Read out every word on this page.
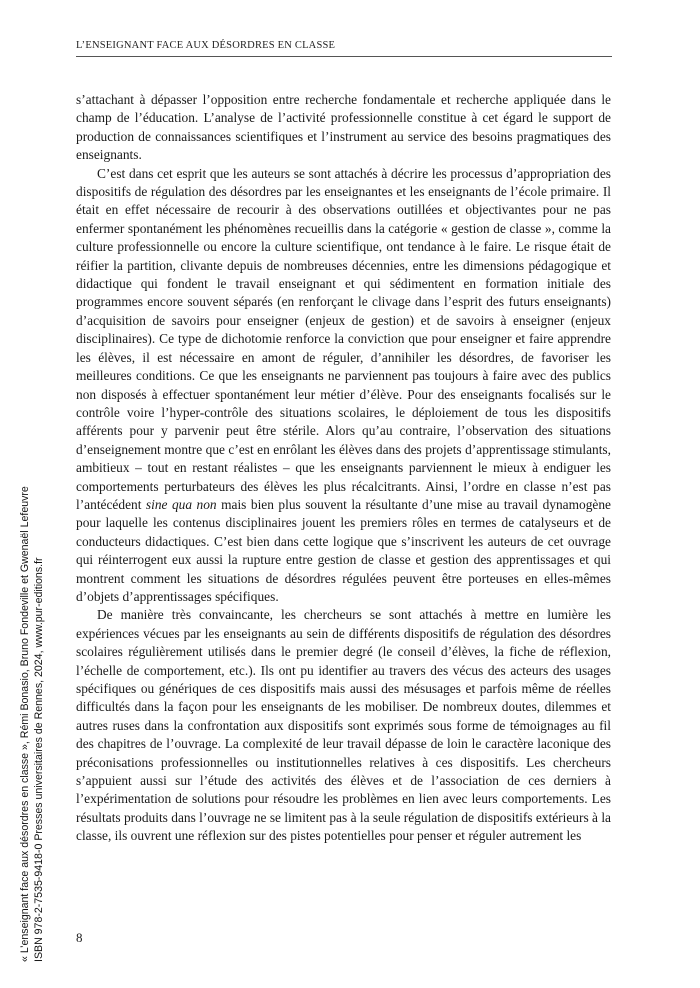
L’ENSEIGNANT FACE AUX DÉSORDRES EN CLASSE

s’attachant à dépasser l’opposition entre recherche fondamentale et recherche appliquée dans le champ de l’éducation. L’analyse de l’activité professionnelle constitue à cet égard le support de production de connaissances scientifiques et l’instrument au service des besoins pragmatiques des enseignants.

C’est dans cet esprit que les auteurs se sont attachés à décrire les processus d’appropriation des dispositifs de régulation des désordres par les enseignantes et les enseignants de l’école primaire. Il était en effet nécessaire de recourir à des observations outillées et objectivantes pour ne pas enfermer spontanément les phénomènes recueillis dans la catégorie « gestion de classe », comme la culture professionnelle ou encore la culture scientifique, ont tendance à le faire. Le risque était de réifier la partition, clivante depuis de nombreuses décennies, entre les dimensions pédagogique et didactique qui fondent le travail enseignant et qui sédimentent en formation initiale des programmes encore souvent séparés (en renforçant le clivage dans l’esprit des futurs enseignants) d’acquisition de savoirs pour enseigner (enjeux de gestion) et de savoirs à enseigner (enjeux disciplinaires). Ce type de dichotomie renforce la conviction que pour enseigner et faire apprendre les élèves, il est nécessaire en amont de réguler, d’annihiler les désordres, de favoriser les meilleures conditions. Ce que les enseignants ne parviennent pas toujours à faire avec des publics non disposés à effectuer spontanément leur métier d’élève. Pour des enseignants focalisés sur le contrôle voire l’hyper-contrôle des situations scolaires, le déploiement de tous les dispositifs afférents pour y parvenir peut être stérile. Alors qu’au contraire, l’observation des situations d’enseignement montre que c’est en enrôlant les élèves dans des projets d’apprentissage stimulants, ambitieux – tout en restant réalistes – que les enseignants parviennent le mieux à endiguer les comportements perturbateurs des élèves les plus récalcitrants. Ainsi, l’ordre en classe n’est pas l’antécédent sine qua non mais bien plus souvent la résultante d’une mise au travail dynamogène pour laquelle les contenus disciplinaires jouent les premiers rôles en termes de catalyseurs et de conducteurs didactiques. C’est bien dans cette logique que s’inscrivent les auteurs de cet ouvrage qui réinterrogent eux aussi la rupture entre gestion de classe et gestion des apprentissages et qui montrent comment les situations de désordres régulées peuvent être porteuses en elles-mêmes d’objets d’apprentissages spécifiques.

De manière très convaincante, les chercheurs se sont attachés à mettre en lumière les expériences vécues par les enseignants au sein de différents dispositifs de régulation des désordres scolaires régulièrement utilisés dans le premier degré (le conseil d’élèves, la fiche de réflexion, l’échelle de comportement, etc.). Ils ont pu identifier au travers des vécus des acteurs des usages spécifiques ou génériques de ces dispositifs mais aussi des mésusages et parfois même de réelles difficultés dans la façon pour les enseignants de les mobiliser. De nombreux doutes, dilemmes et autres ruses dans la confrontation aux dispositifs sont exprimés sous forme de témoignages au fil des chapitres de l’ouvrage. La complexité de leur travail dépasse de loin le caractère laconique des préconisations professionnelles ou institutionnelles relatives à ces dispositifs. Les chercheurs s’appuient aussi sur l’étude des activités des élèves et de l’association de ces derniers à l’expérimentation de solutions pour résoudre les problèmes en lien avec leurs comportements. Les résultats produits dans l’ouvrage ne se limitent pas à la seule régulation de dispositifs extérieurs à la classe, ils ouvrent une réflexion sur des pistes potentielles pour penser et réguler autrement les

8
« L’enseignant face aux désordres en classe », Rémi Bonasio, Bruno Fondeville et Gwenaël Lefeuvre ISBN 978-2-7535-9418-0 Presses universitaires de Rennes, 2024, www.pur-editions.fr
